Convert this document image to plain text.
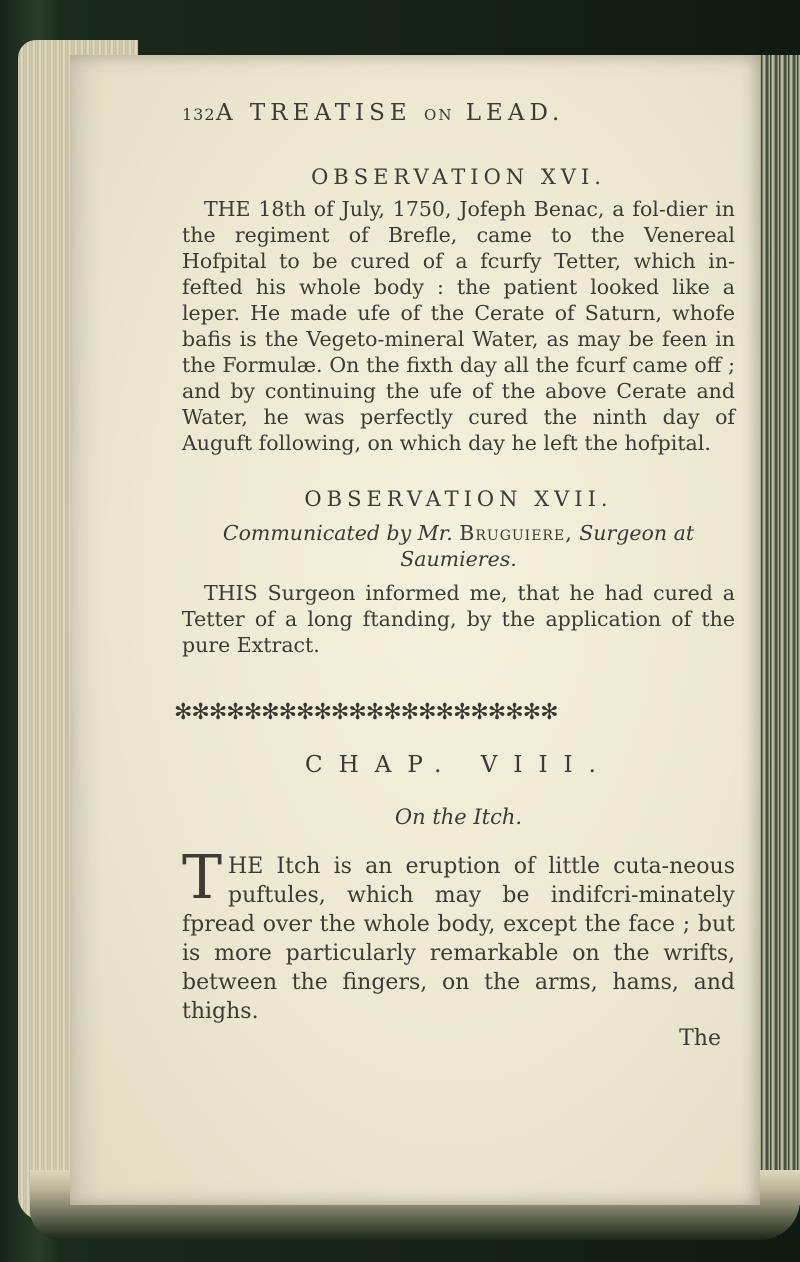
132 A TREATISE ON LEAD.
OBSERVATION XVI.

THE 18th of July, 1750, Jofeph Benac, a fol-dier in the regiment of Brefle, came to the Venereal Hofpital to be cured of a fcurfy Tetter, which in-fefted his whole body : the patient looked like a leper. He made ufe of the Cerate of Saturn, whofe bafis is the Vegeto-mineral Water, as may be feen in the Formulæ. On the fixth day all the fcurf came off ; and by continuing the ufe of the above Cerate and Water, he was perfectly cured the ninth day of Auguft following, on which day he left the hofpital.

OBSERVATION XVII.
Communicated by Mr. Bruguiere, Surgeon at
Saumieres.

THIS Surgeon informed me, that he had cured a Tetter of a long ftanding, by the application of the pure Extract.

✻✻✻✻✻✻✻✻✻✻✻✻✻✻✻✻✻✻✻✻✻✻
CHAP. VIII.
On the Itch.
T HE Itch is an eruption of little cuta-neous puftules, which may be indifcri-minately fpread over the whole body, except the face ; but is more particularly remarkable on the wrifts, between the fingers, on the arms, hams, and thighs.
The
